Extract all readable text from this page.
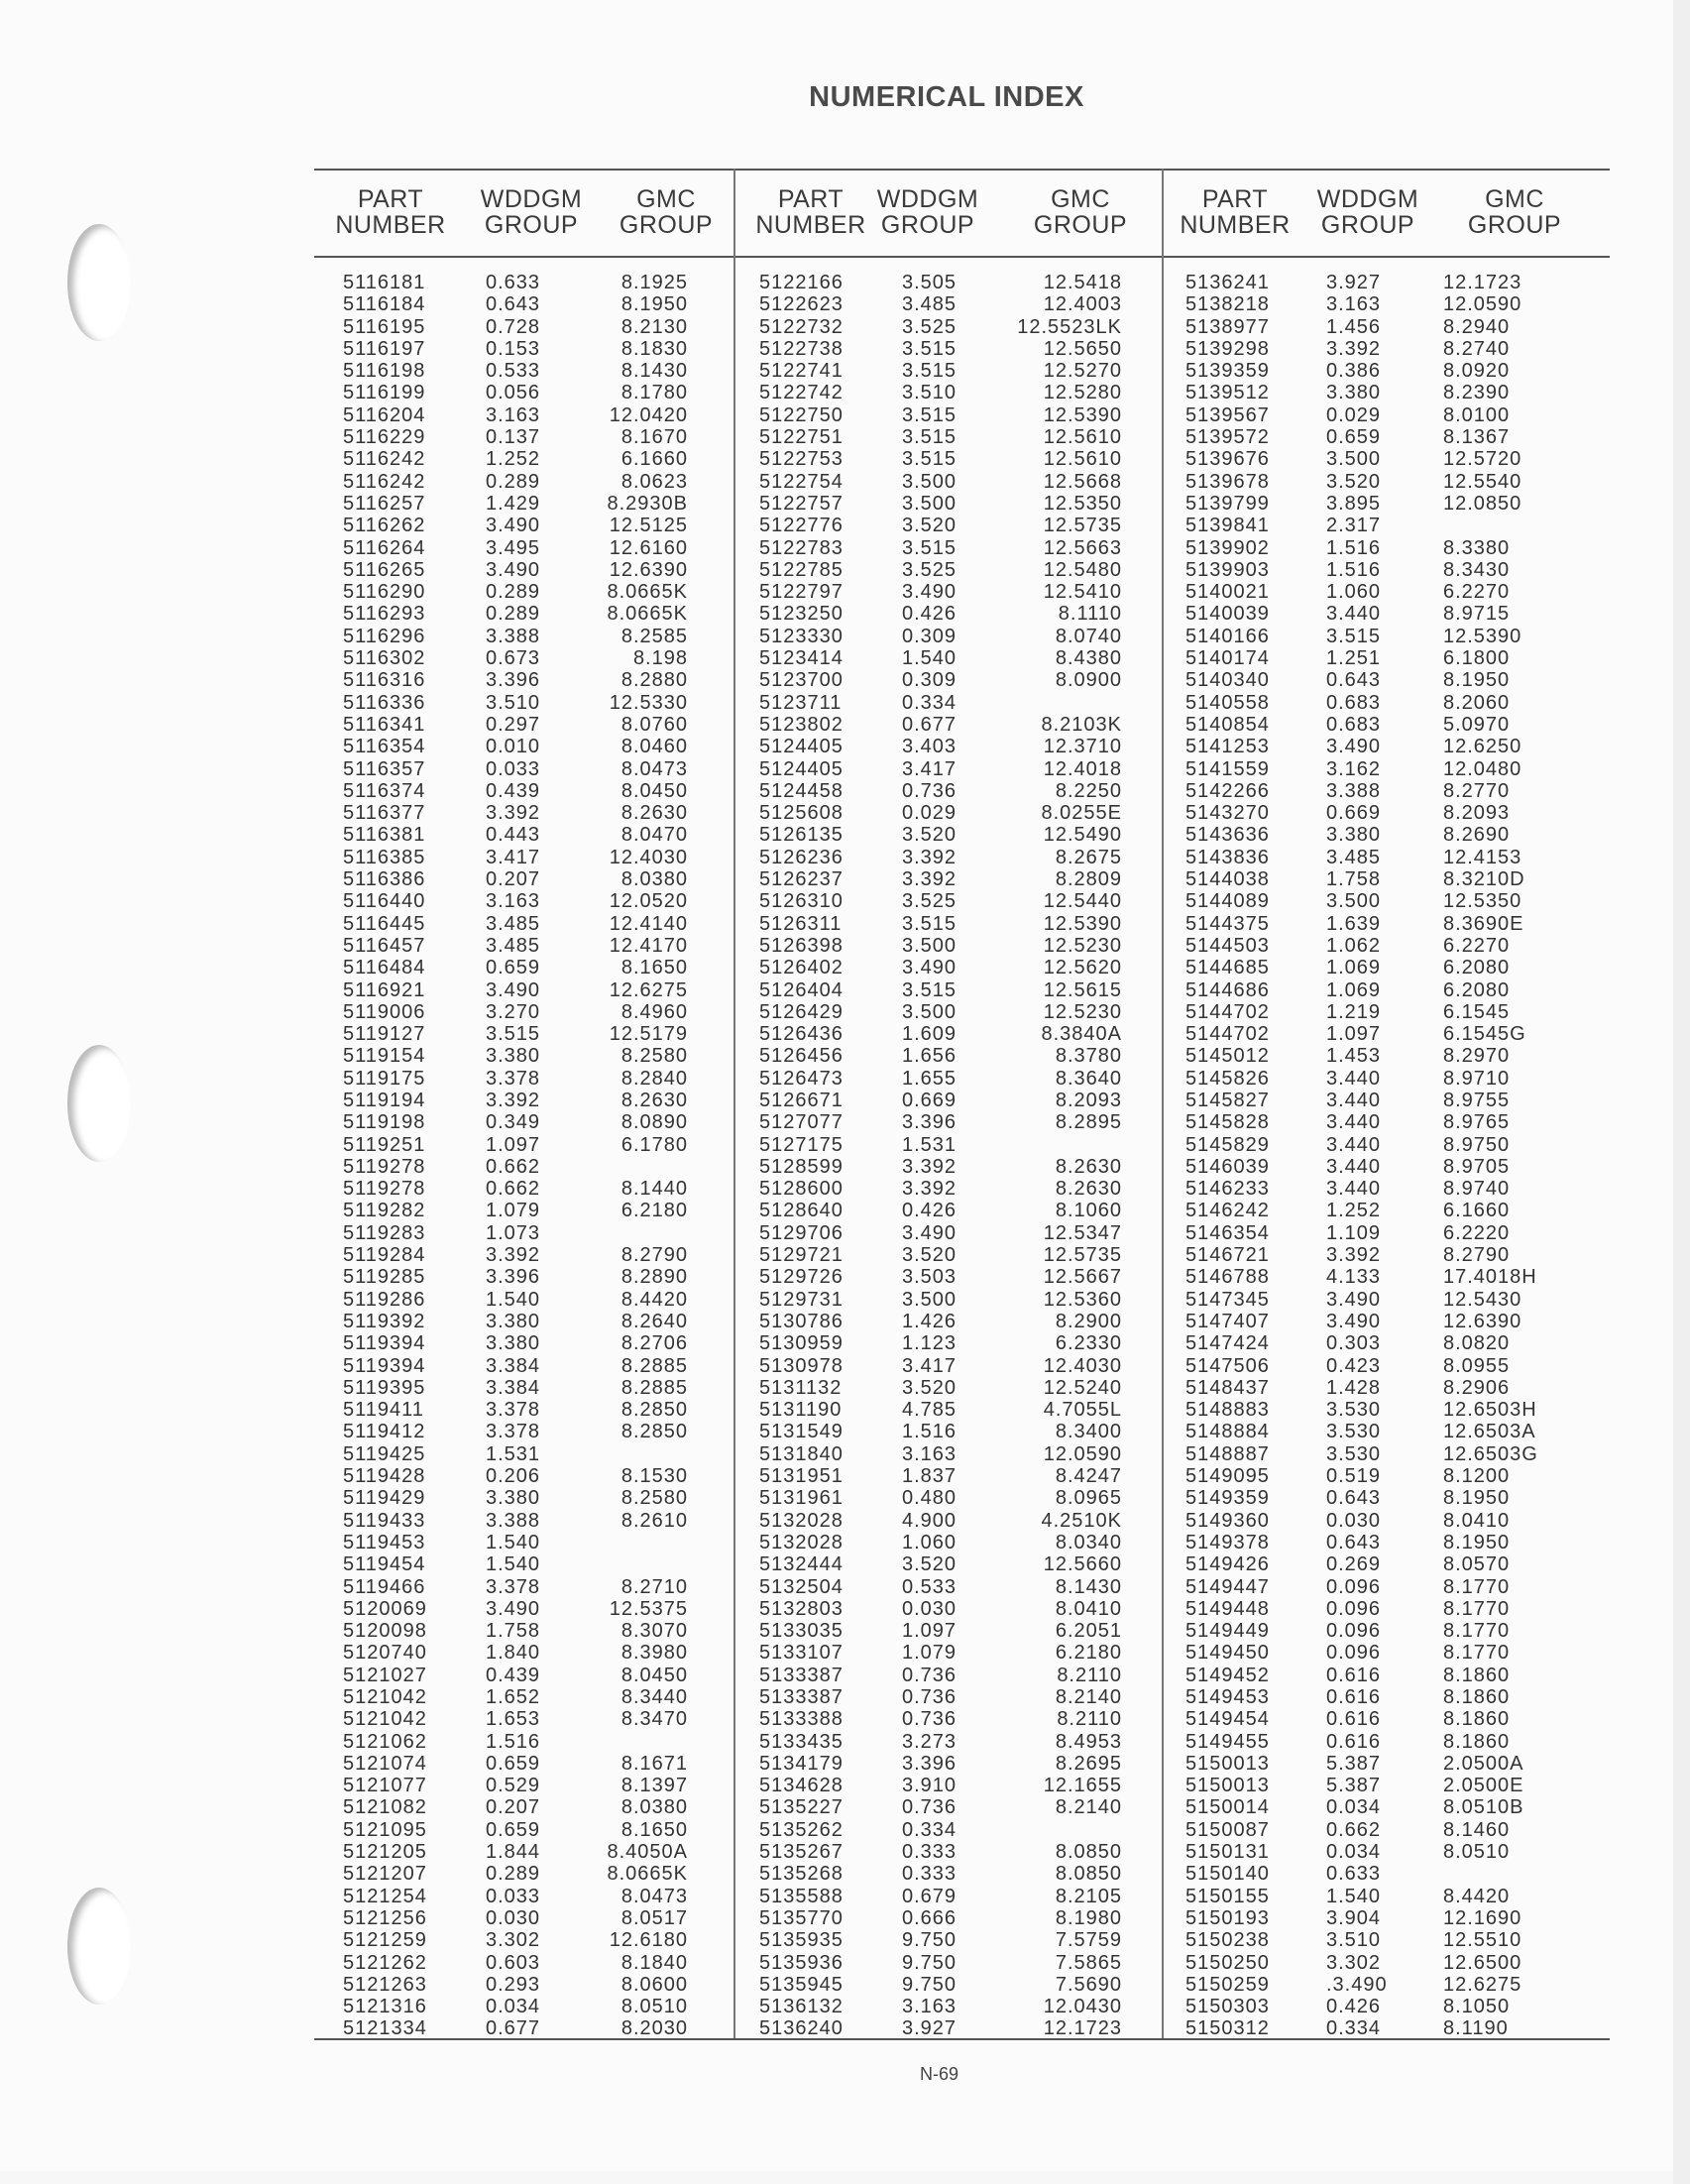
NUMERICAL INDEX
PART
NUMBER
WDDGM
GROUP
GMC
GROUP
PART
NUMBER
WDDGM
GROUP
GMC
GROUP
PART
NUMBER
WDDGM
GROUP
GMC
GROUP
5116181
5116184
5116195
5116197
5116198
5116199
5116204
5116229
5116242
5116242
5116257
5116262
5116264
5116265
5116290
5116293
5116296
5116302
5116316
5116336
5116341
5116354
5116357
5116374
5116377
5116381
5116385
5116386
5116440
5116445
5116457
5116484
5116921
5119006
5119127
5119154
5119175
5119194
5119198
5119251
5119278
5119278
5119282
5119283
5119284
5119285
5119286
5119392
5119394
5119394
5119395
5119411
5119412
5119425
5119428
5119429
5119433
5119453
5119454
5119466
5120069
5120098
5120740
5121027
5121042
5121042
5121062
5121074
5121077
5121082
5121095
5121205
5121207
5121254
5121256
5121259
5121262
5121263
5121316
5121334
0.633
0.643
0.728
0.153
0.533
0.056
3.163
0.137
1.252
0.289
1.429
3.490
3.495
3.490
0.289
0.289
3.388
0.673
3.396
3.510
0.297
0.010
0.033
0.439
3.392
0.443
3.417
0.207
3.163
3.485
3.485
0.659
3.490
3.270
3.515
3.380
3.378
3.392
0.349
1.097
0.662
0.662
1.079
1.073
3.392
3.396
1.540
3.380
3.380
3.384
3.384
3.378
3.378
1.531
0.206
3.380
3.388
1.540
1.540
3.378
3.490
1.758
1.840
0.439
1.652
1.653
1.516
0.659
0.529
0.207
0.659
1.844
0.289
0.033
0.030
3.302
0.603
0.293
0.034
0.677
8.1925
8.1950
8.2130
8.1830
8.1430
8.1780
12.0420
8.1670
6.1660
8.0623
8.2930B
12.5125
12.6160
12.6390
8.0665K
8.0665K
8.2585
8.198
8.2880
12.5330
8.0760
8.0460
8.0473
8.0450
8.2630
8.0470
12.4030
8.0380
12.0520
12.4140
12.4170
8.1650
12.6275
8.4960
12.5179
8.2580
8.2840
8.2630
8.0890
6.1780
8.1440
6.2180
8.2790
8.2890
8.4420
8.2640
8.2706
8.2885
8.2885
8.2850
8.2850
8.1530
8.2580
8.2610
8.2710
12.5375
8.3070
8.3980
8.0450
8.3440
8.3470
8.1671
8.1397
8.0380
8.1650
8.4050A
8.0665K
8.0473
8.0517
12.6180
8.1840
8.0600
8.0510
8.2030
5122166
5122623
5122732
5122738
5122741
5122742
5122750
5122751
5122753
5122754
5122757
5122776
5122783
5122785
5122797
5123250
5123330
5123414
5123700
5123711
5123802
5124405
5124405
5124458
5125608
5126135
5126236
5126237
5126310
5126311
5126398
5126402
5126404
5126429
5126436
5126456
5126473
5126671
5127077
5127175
5128599
5128600
5128640
5129706
5129721
5129726
5129731
5130786
5130959
5130978
5131132
5131190
5131549
5131840
5131951
5131961
5132028
5132028
5132444
5132504
5132803
5133035
5133107
5133387
5133387
5133388
5133435
5134179
5134628
5135227
5135262
5135267
5135268
5135588
5135770
5135935
5135936
5135945
5136132
5136240
3.505
3.485
3.525
3.515
3.515
3.510
3.515
3.515
3.515
3.500
3.500
3.520
3.515
3.525
3.490
0.426
0.309
1.540
0.309
0.334
0.677
3.403
3.417
0.736
0.029
3.520
3.392
3.392
3.525
3.515
3.500
3.490
3.515
3.500
1.609
1.656
1.655
0.669
3.396
1.531
3.392
3.392
0.426
3.490
3.520
3.503
3.500
1.426
1.123
3.417
3.520
4.785
1.516
3.163
1.837
0.480
4.900
1.060
3.520
0.533
0.030
1.097
1.079
0.736
0.736
0.736
3.273
3.396
3.910
0.736
0.334
0.333
0.333
0.679
0.666
9.750
9.750
9.750
3.163
3.927
12.5418
12.4003
12.5523LK
12.5650
12.5270
12.5280
12.5390
12.5610
12.5610
12.5668
12.5350
12.5735
12.5663
12.5480
12.5410
8.1110
8.0740
8.4380
8.0900
8.2103K
12.3710
12.4018
8.2250
8.0255E
12.5490
8.2675
8.2809
12.5440
12.5390
12.5230
12.5620
12.5615
12.5230
8.3840A
8.3780
8.3640
8.2093
8.2895
8.2630
8.2630
8.1060
12.5347
12.5735
12.5667
12.5360
8.2900
6.2330
12.4030
12.5240
4.7055L
8.3400
12.0590
8.4247
8.0965
4.2510K
8.0340
12.5660
8.1430
8.0410
6.2051
6.2180
8.2110
8.2140
8.2110
8.4953
8.2695
12.1655
8.2140
8.0850
8.0850
8.2105
8.1980
7.5759
7.5865
7.5690
12.0430
12.1723
5136241
5138218
5138977
5139298
5139359
5139512
5139567
5139572
5139676
5139678
5139799
5139841
5139902
5139903
5140021
5140039
5140166
5140174
5140340
5140558
5140854
5141253
5141559
5142266
5143270
5143636
5143836
5144038
5144089
5144375
5144503
5144685
5144686
5144702
5144702
5145012
5145826
5145827
5145828
5145829
5146039
5146233
5146242
5146354
5146721
5146788
5147345
5147407
5147424
5147506
5148437
5148883
5148884
5148887
5149095
5149359
5149360
5149378
5149426
5149447
5149448
5149449
5149450
5149452
5149453
5149454
5149455
5150013
5150013
5150014
5150087
5150131
5150140
5150155
5150193
5150238
5150250
5150259
5150303
5150312
3.927
3.163
1.456
3.392
0.386
3.380
0.029
0.659
3.500
3.520
3.895
2.317
1.516
1.516
1.060
3.440
3.515
1.251
0.643
0.683
0.683
3.490
3.162
3.388
0.669
3.380
3.485
1.758
3.500
1.639
1.062
1.069
1.069
1.219
1.097
1.453
3.440
3.440
3.440
3.440
3.440
3.440
1.252
1.109
3.392
4.133
3.490
3.490
0.303
0.423
1.428
3.530
3.530
3.530
0.519
0.643
0.030
0.643
0.269
0.096
0.096
0.096
0.096
0.616
0.616
0.616
0.616
5.387
5.387
0.034
0.662
0.034
0.633
1.540
3.904
3.510
3.302
.3.490
0.426
0.334
12.1723
12.0590
8.2940
8.2740
8.0920
8.2390
8.0100
8.1367
12.5720
12.5540
12.0850
8.3380
8.3430
6.2270
8.9715
12.5390
6.1800
8.1950
8.2060
5.0970
12.6250
12.0480
8.2770
8.2093
8.2690
12.4153
8.3210D
12.5350
8.3690E
6.2270
6.2080
6.2080
6.1545
6.1545G
8.2970
8.9710
8.9755
8.9765
8.9750
8.9705
8.9740
6.1660
6.2220
8.2790
17.4018H
12.5430
12.6390
8.0820
8.0955
8.2906
12.6503H
12.6503A
12.6503G
8.1200
8.1950
8.0410
8.1950
8.0570
8.1770
8.1770
8.1770
8.1770
8.1860
8.1860
8.1860
8.1860
2.0500A
2.0500E
8.0510B
8.1460
8.0510
8.4420
12.1690
12.5510
12.6500
12.6275
8.1050
8.1190
N-69
